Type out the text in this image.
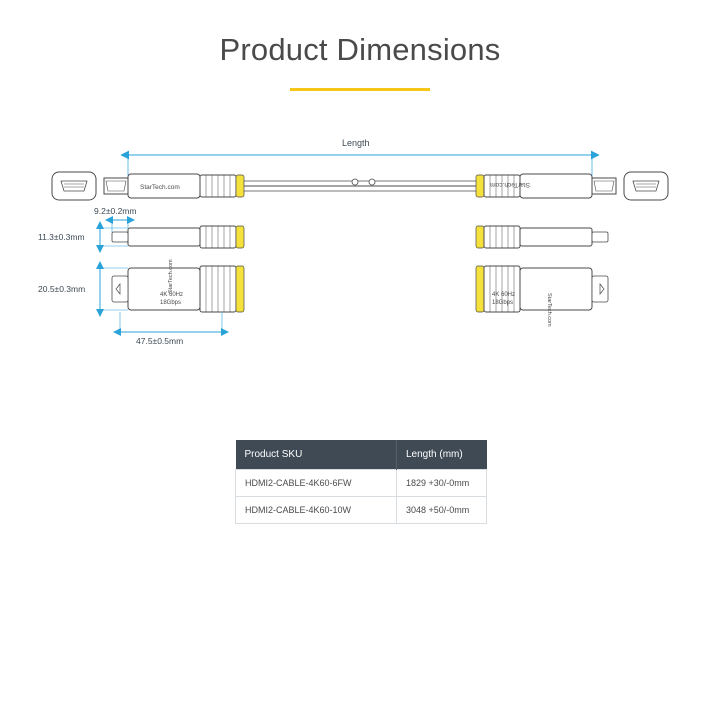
Product Dimensions
StarTech.com	StarTech.com
StarTech.com
4K 60Hz
18Gbps	StarTech.com
4K 60Hz
18Gbps
Length
9.2±0.2mm
11.3±0.3mm
20.5±0.3mm
47.5±0.5mm
Product SKU	Length (mm)
HDMI2-CABLE-4K60-6FW	1829 +30/-0mm
HDMI2-CABLE-4K60-10W	3048 +50/-0mm
